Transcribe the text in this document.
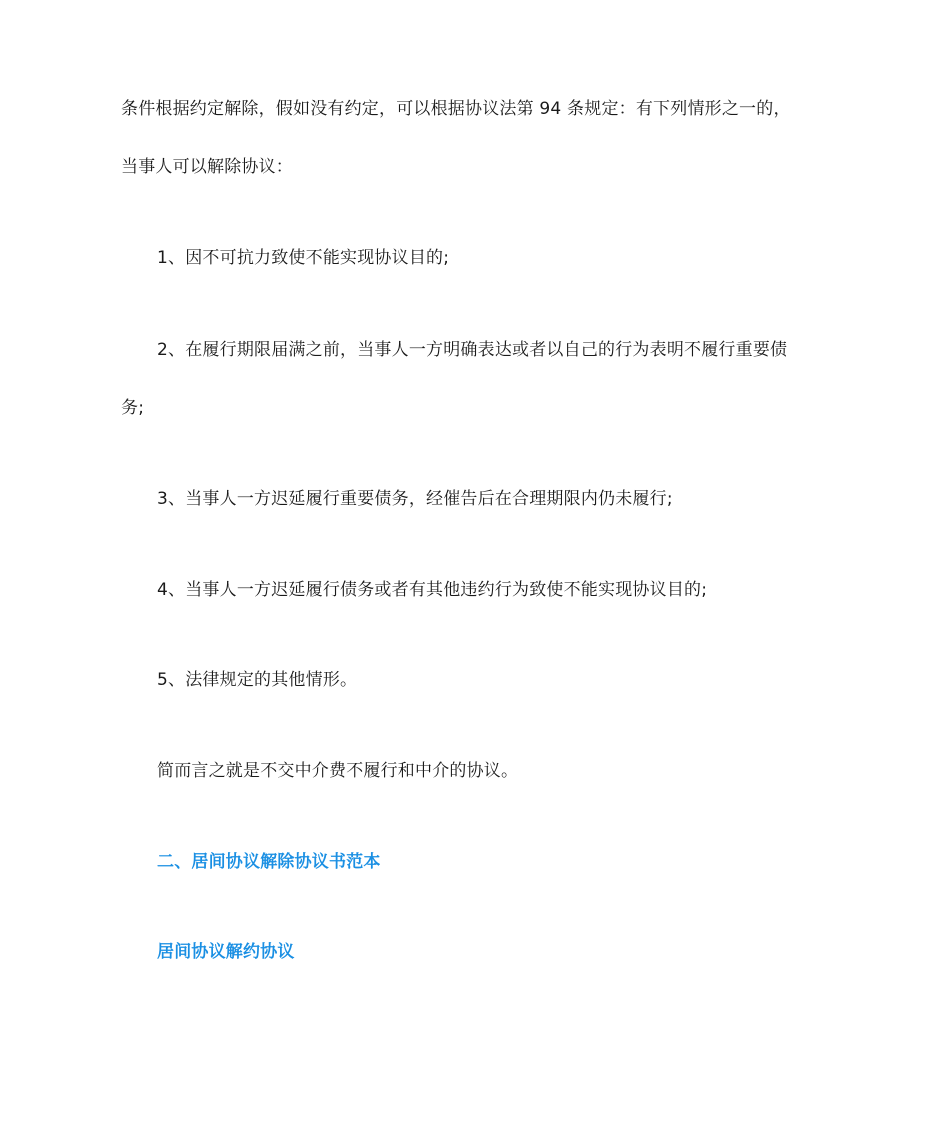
条件根据约定解除，假如没有约定，可以根据协议法第 94 条规定：有下列情形之一的，
当事人可以解除协议：
1、因不可抗力致使不能实现协议目的;
2、在履行期限届满之前，当事人一方明确表达或者以自己的行为表明不履行重要债
务;
3、当事人一方迟延履行重要债务，经催告后在合理期限内仍未履行;
4、当事人一方迟延履行债务或者有其他违约行为致使不能实现协议目的;
5、法律规定的其他情形。
简而言之就是不交中介费不履行和中介的协议。
二、居间协议解除协议书范本
居间协议解约协议
